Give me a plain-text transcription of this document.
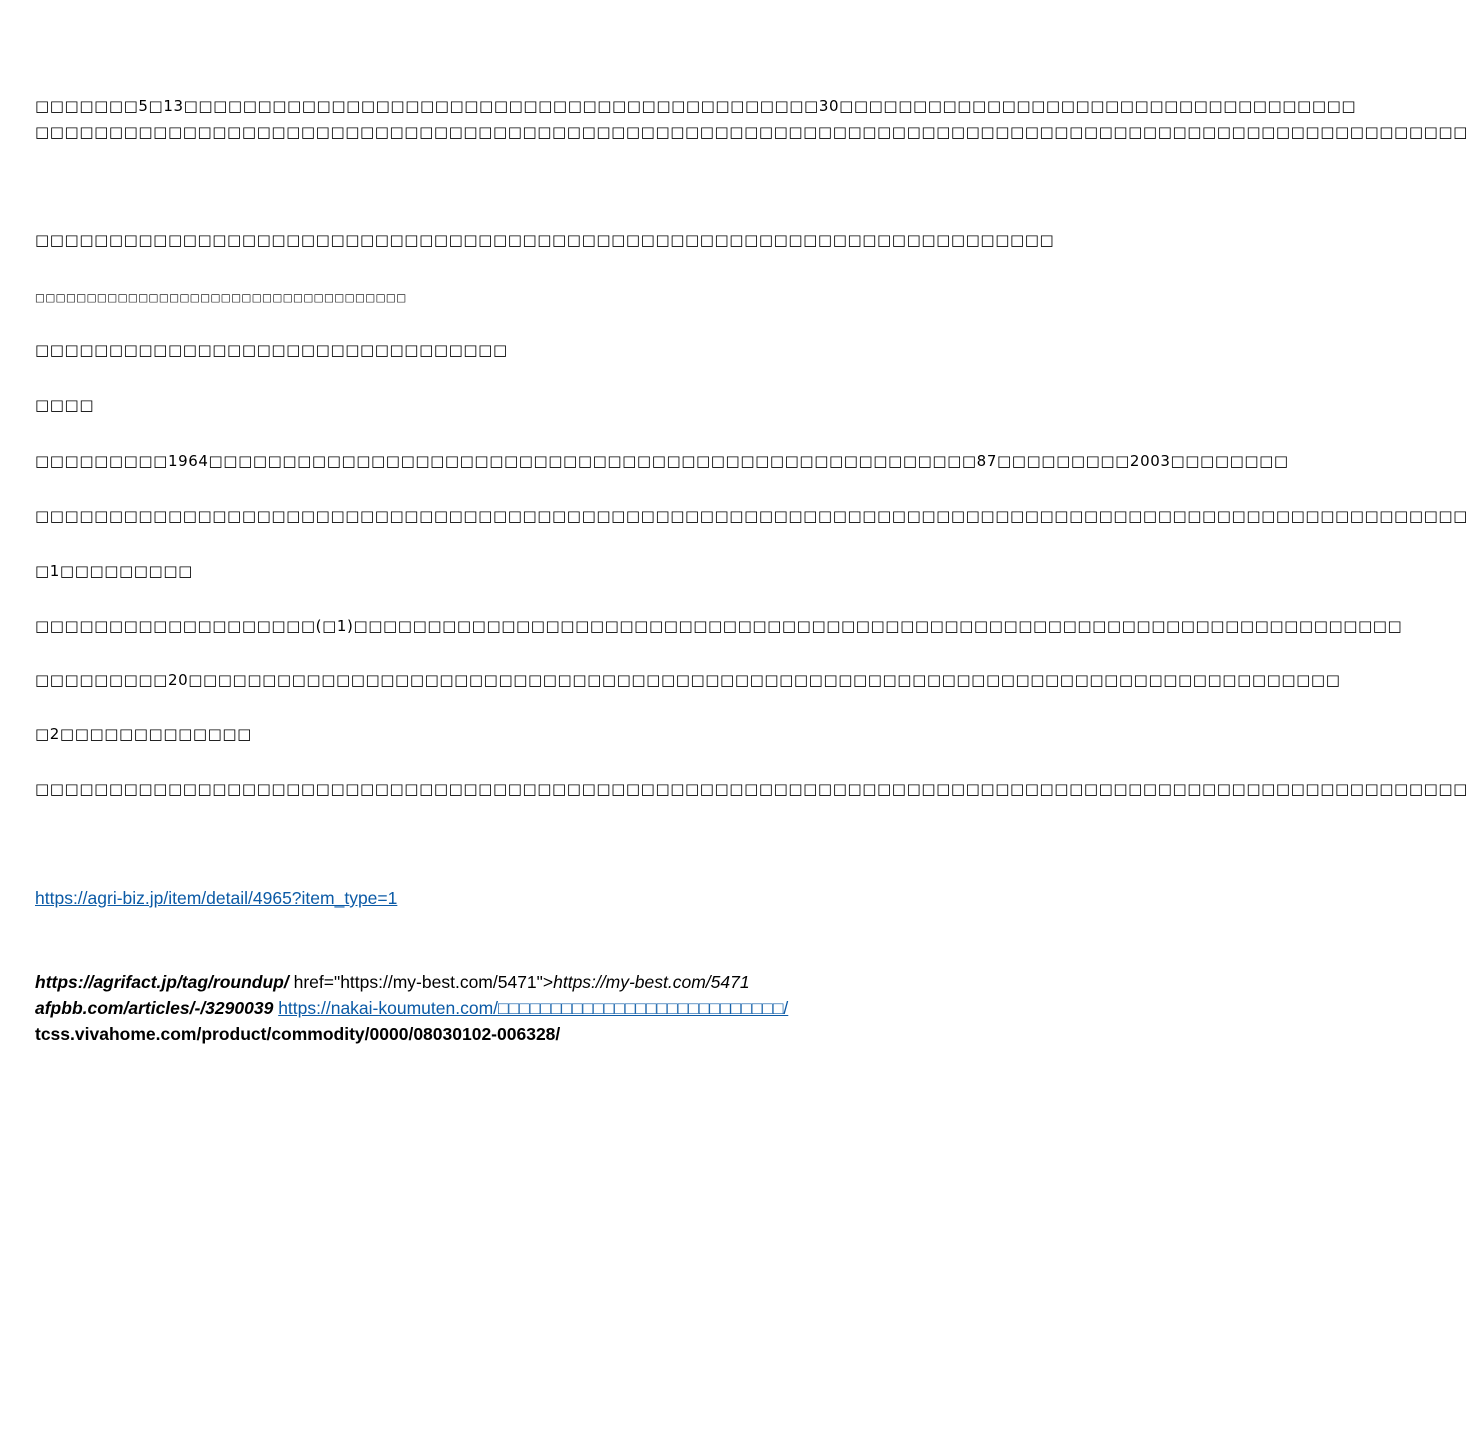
□□□□□□□5□13□□□□□□□□□□□□□□□□□□□□□□□□□□□□□□□□□□□□□□□□□□□30□□□□□□□□□□□□□□□□□□□□□□□□□□□□□□□□□□□
□□□□□□□□□□□□□□□□□□□□□□□□□□□□□□□□□□□□□□□□□□□□□□□□□□□□□□□□□□□□□□□□□□□□□□□□□□□□□□□□□□□□□□□□□□□□□□□□□
□□□□□□□□□□□□□□□□□□□□□□□□□□□□□□□□□□□□□□□□□□□□□□□□□□□□□□□□□□□□□□□□□□□□□
□□□□□□□□□□□□□□□□□□□□□□□□□□□□□□□□□□□□
□□□□□□□□□□□□□□□□□□□□□□□□□□□□□□□□
□□□□
□□□□□□□□□1964□□□□□□□□□□□□□□□□□□□□□□□□□□□□□□□□□□□□□□□□□□□□□□□□□□□□87□□□□□□□□□2003□□□□□□□□
□□□□□□□□□□□□□□□□□□□□□□□□□□□□□□□□□□□□□□□□□□□□□□□□□□□□□□□□□□□□□□□□□□□□□□□□□□□□□□□□□□□□□□□□□□□□□□□□□
□1□□□□□□□□□
□□□□□□□□□□□□□□□□□□□(□1)□□□□□□□□□□□□□□□□□□□□□□□□□□□□□□□□□□□□□□□□□□□□□□□□□□□□□□□□□□□□□□□□□□□□□□□
□□□□□□□□□20□□□□□□□□□□□□□□□□□□□□□□□□□□□□□□□□□□□□□□□□□□□□□□□□□□□□□□□□□□□□□□□□□□□□□□□□□□□□□□
□2□□□□□□□□□□□□□
□□□□□□□□□□□□□□□□□□□□□□□□□□□□□□□□□□□□□□□□□□□□□□□□□□□□□□□□□□□□□□□□□□□□□□□□□□□□□□□□□□□□□□□□□□□□□□□□□
https://agri-biz.jp/item/detail/4965?item_type=1
https://agrifact.jp/tag/roundup/ href="https://my-best.com/5471">https://my-best.com/5471
afpbb.com/articles/-/3290039 https://nakai-koumuten.com/□□□□□□□□□□□□□□□□□□□□□□□□□□□/
tcss.vivahome.com/product/commodity/0000/08030102-006328/
